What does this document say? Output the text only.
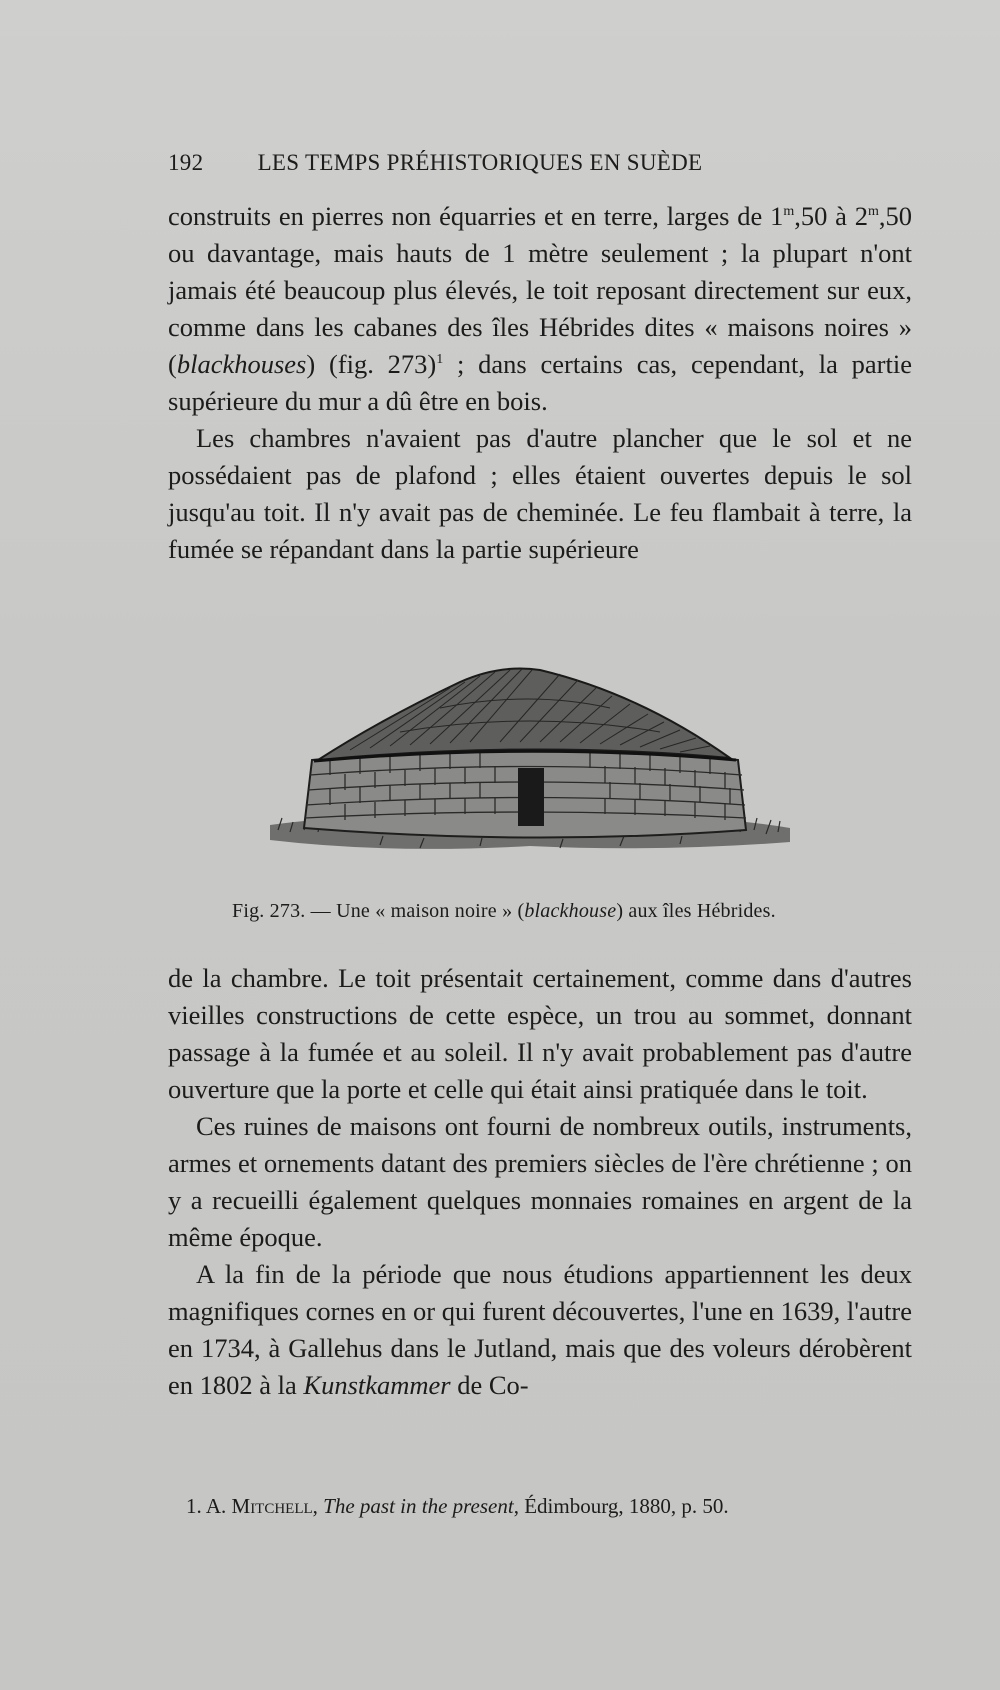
192	LES TEMPS PRÉHISTORIQUES EN SUÈDE

construits en pierres non équarries et en terre, larges de 1$^m$,50 à 2$^m$,50 ou davantage, mais hauts de 1 mètre seulement ; la plupart n'ont jamais été beaucoup plus élevés, le toit reposant directement sur eux, comme dans les cabanes des îles Hébrides dites « maisons noires » (blackhouses) (fig. 273)$^1$ ; dans certains cas, cependant, la partie supérieure du mur a dû être en bois.

Les chambres n'avaient pas d'autre plancher que le sol et ne possédaient pas de plafond ; elles étaient ouvertes depuis le sol jusqu'au toit. Il n'y avait pas de cheminée. Le feu flambait à terre, la fumée se répandant dans la partie supérieure

Fig. 273. — Une « maison noire » (blackhouse) aux îles Hébrides.

de la chambre. Le toit présentait certainement, comme dans d'autres vieilles constructions de cette espèce, un trou au sommet, donnant passage à la fumée et au soleil. Il n'y avait probablement pas d'autre ouverture que la porte et celle qui était ainsi pratiquée dans le toit.

Ces ruines de maisons ont fourni de nombreux outils, instruments, armes et ornements datant des premiers siècles de l'ère chrétienne ; on y a recueilli également quelques monnaies romaines en argent de la même époque.

A la fin de la période que nous étudions appartiennent les deux magnifiques cornes en or qui furent découvertes, l'une en 1639, l'autre en 1734, à Gallehus dans le Jutland, mais que des voleurs dérobèrent en 1802 à la Kunstkammer de Co-

1. A. Mitchell, The past in the present, Édimbourg, 1880, p. 50.
